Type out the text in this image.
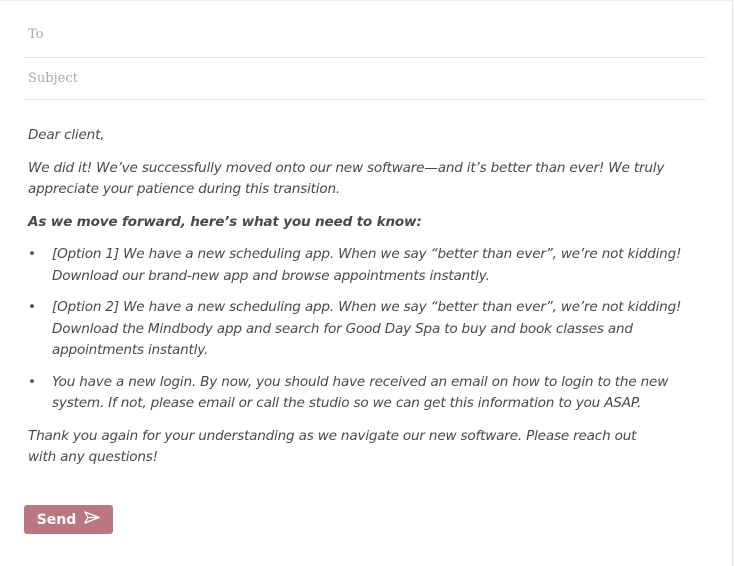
To
Subject

Dear client,

We did it! We’ve successfully moved onto our new software—and it’s better than ever! We truly appreciate your patience during this transition.

As we move forward, here’s what you need to know:

• [Option 1] We have a new scheduling app. When we say “better than ever”, we’re not kidding! Download our brand-new app and browse appointments instantly.
• [Option 2] We have a new scheduling app. When we say “better than ever”, we’re not kidding! Download the Mindbody app and search for Good Day Spa to buy and book classes and appointments instantly.
• You have a new login. By now, you should have received an email on how to login to the new system. If not, please email or call the studio so we can get this information to you ASAP.

Thank you again for your understanding as we navigate our new software. Please reach out with any questions!

Send
